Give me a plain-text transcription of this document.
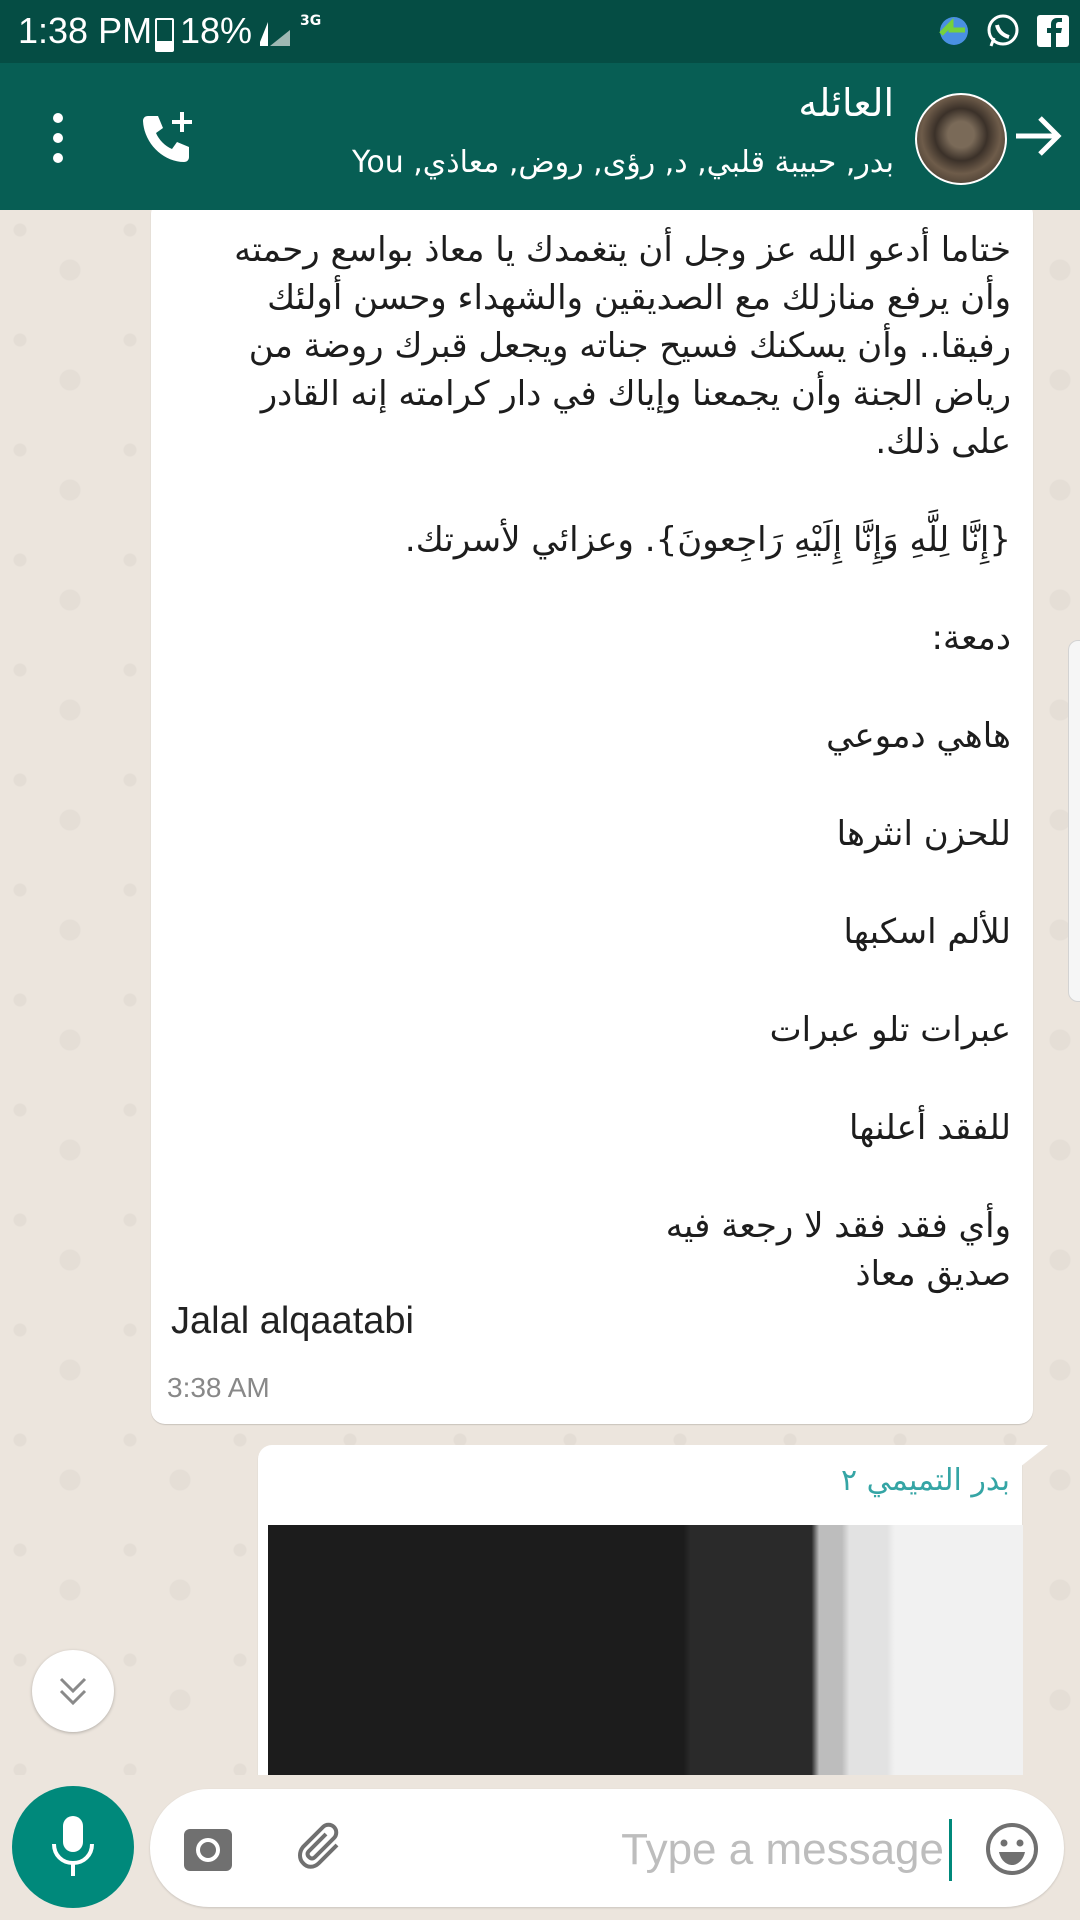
1:38 PM 18%	3G
العائله
بدر, حبيبة قلبي, د, رؤى, روض, معاذي, You
ختاما أدعو الله عز وجل أن يتغمدك يا معاذ بواسع رحمته
وأن يرفع منازلك مع الصديقين والشهداء وحسن أولئك
رفيقا.. وأن يسكنك فسيح جناته ويجعل قبرك روضة من
رياض الجنة وأن يجمعنا وإياك في دار كرامته إنه القادر
على ذلك.
{إِنَّا لِلَّهِ وَإِنَّا إِلَيْهِ رَاجِعونَ}. وعزائي لأسرتك.
دمعة:
هاهي دموعي
للحزن انثرها
للألم اسكبها
عبرات تلو عبرات
للفقد أعلنها
وأي فقد فقد لا رجعة فيه
صديق معاذ
Jalal alqaatabi
3:38 AM
بدر التميمي ٢
Type a message
